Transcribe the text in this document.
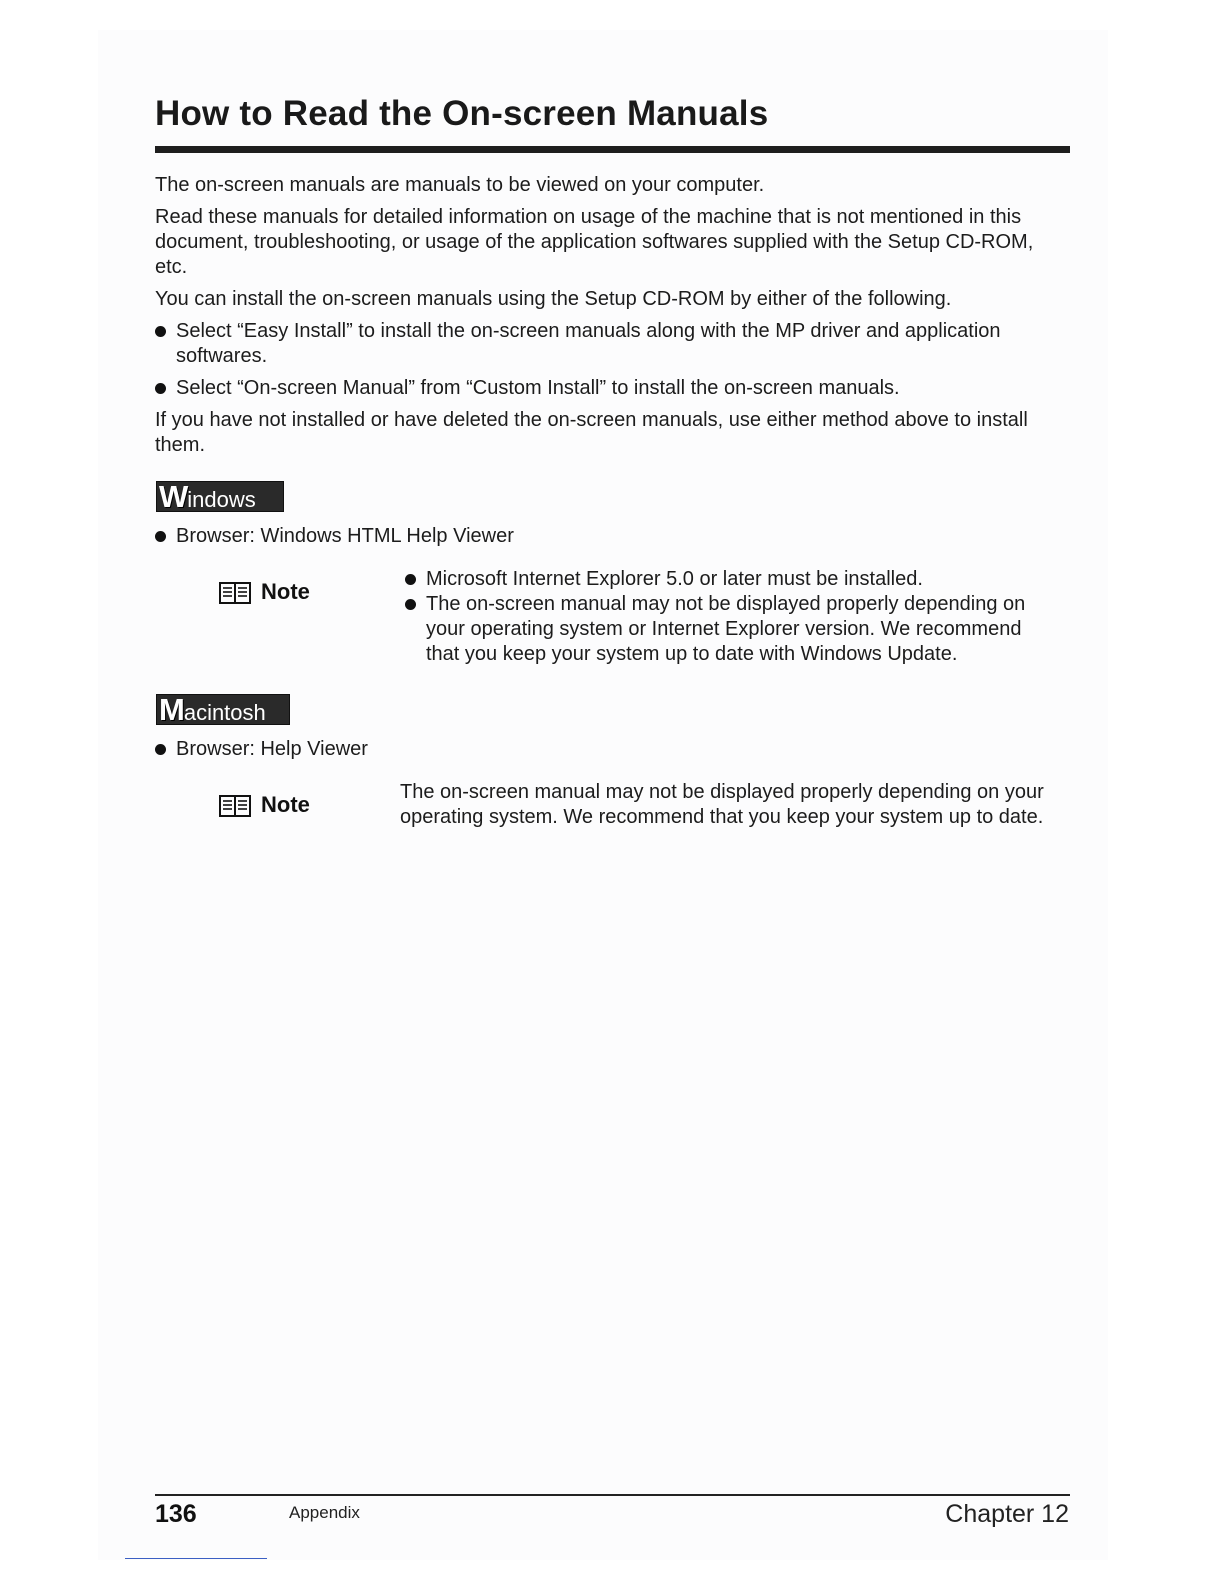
How to Read the On-screen Manuals

The on-screen manuals are manuals to be viewed on your computer.

Read these manuals for detailed information on usage of the machine that is not mentioned in this

document, troubleshooting, or usage of the application softwares supplied with the Setup CD-ROM,

etc.

You can install the on-screen manuals using the Setup CD-ROM by either of the following.

Select “Easy Install” to install the on-screen manuals along with the MP driver and application
softwares.
Select “On-screen Manual” from “Custom Install” to install the on-screen manuals.

If you have not installed or have deleted the on-screen manuals, use either method above to install

them.

Windows
Browser: Windows HTML Help Viewer
Note	Microsoft Internet Explorer 5.0 or later must be installed.
The on-screen manual may not be displayed properly depending on
your operating system or Internet Explorer version. We recommend
that you keep your system up to date with Windows Update.
Macintosh
Browser: Help Viewer
Note	The on-screen manual may not be displayed properly depending on your

operating system. We recommend that you keep your system up to date.

136	Appendix	Chapter 12
